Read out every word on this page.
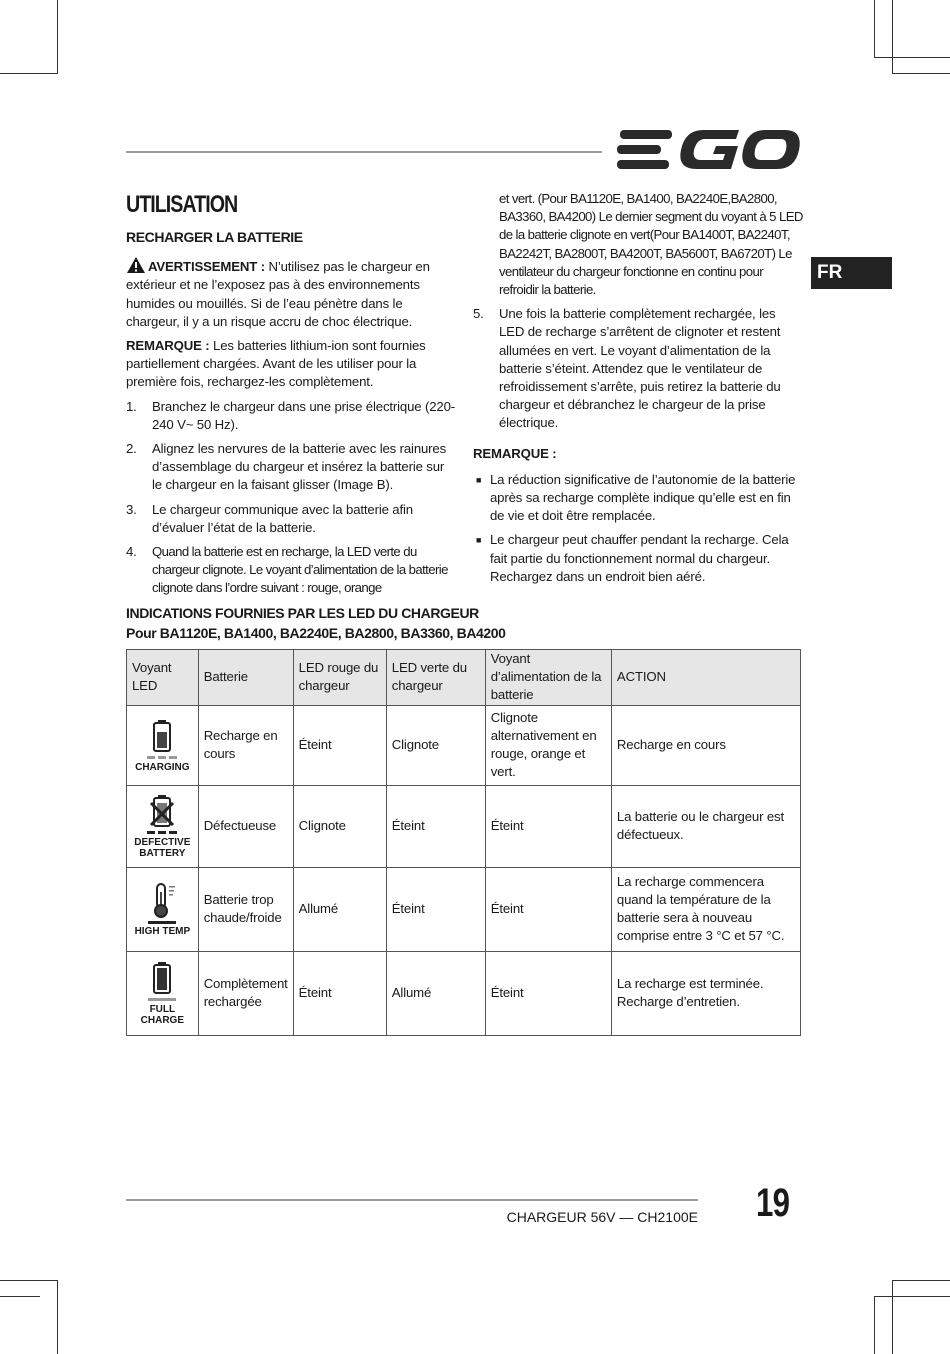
FR
UTILISATION
RECHARGER LA BATTERIE

AVERTISSEMENT : N’utilisez pas le chargeur en extérieur et ne l’exposez pas à des environnements humides ou mouillés. Si de l’eau pénètre dans le chargeur, il y a un risque accru de choc électrique.

REMARQUE : Les batteries lithium-ion sont fournies partiellement chargées. Avant de les utiliser pour la première fois, rechargez-les complètement.

1.	Branchez le chargeur dans une prise électrique (220-240 V~ 50 Hz).
2.	Alignez les nervures de la batterie avec les rainures d’assemblage du chargeur et insérez la batterie sur le chargeur en la faisant glisser (Image B).
3.	Le chargeur communique avec la batterie afin d’évaluer l’état de la batterie.
4.	Quand la batterie est en recharge, la LED verte du chargeur clignote. Le voyant d’alimentation de la batterie clignote dans l’ordre suivant : rouge, orange
et vert. (Pour BA1120E, BA1400, BA2240E,BA2800, BA3360, BA4200) Le dernier segment du voyant à 5 LED de la batterie clignote en vert(Pour BA1400T, BA2240T, BA2242T, BA2800T, BA4200T, BA5600T, BA6720T) Le ventilateur du chargeur fonctionne en continu pour refroidir la batterie.
5.	Une fois la batterie complètement rechargée, les LED de recharge s’arrêtent de clignoter et restent allumées en vert. Le voyant d’alimentation de la batterie s’éteint. Attendez que le ventilateur de refroidissement s’arrête, puis retirez la batterie du chargeur et débranchez le chargeur de la prise électrique.

REMARQUE :

■ La réduction significative de l’autonomie de la batterie après sa recharge complète indique qu’elle est en fin de vie et doit être remplacée.
■ Le chargeur peut chauffer pendant la recharge. Cela fait partie du fonctionnement normal du chargeur. Rechargez dans un endroit bien aéré.
INDICATIONS FOURNIES PAR LES LED DU CHARGEUR
Pour BA1120E, BA1400, BA2240E, BA2800, BA3360, BA4200
Voyant LED	Batterie	LED rouge du chargeur	LED verte du chargeur	Voyant d’alimentation de la batterie	ACTION

CHARGING	Recharge en cours	Éteint	Clignote	Clignote alternativement en rouge, orange et vert.	Recharge en cours

DEFECTIVE BATTERY	Défectueuse	Clignote	Éteint	Éteint	La batterie ou le chargeur est défectueux.

HIGH TEMP	Batterie trop chaude/froide	Allumé	Éteint	Éteint	La recharge commencera quand la température de la batterie sera à nouveau comprise entre 3 °C et 57 °C.

FULL CHARGE	Complètement rechargée	Éteint	Allumé	Éteint	La recharge est terminée. Recharge d’entretien.
CHARGEUR 56V — CH2100E 19
